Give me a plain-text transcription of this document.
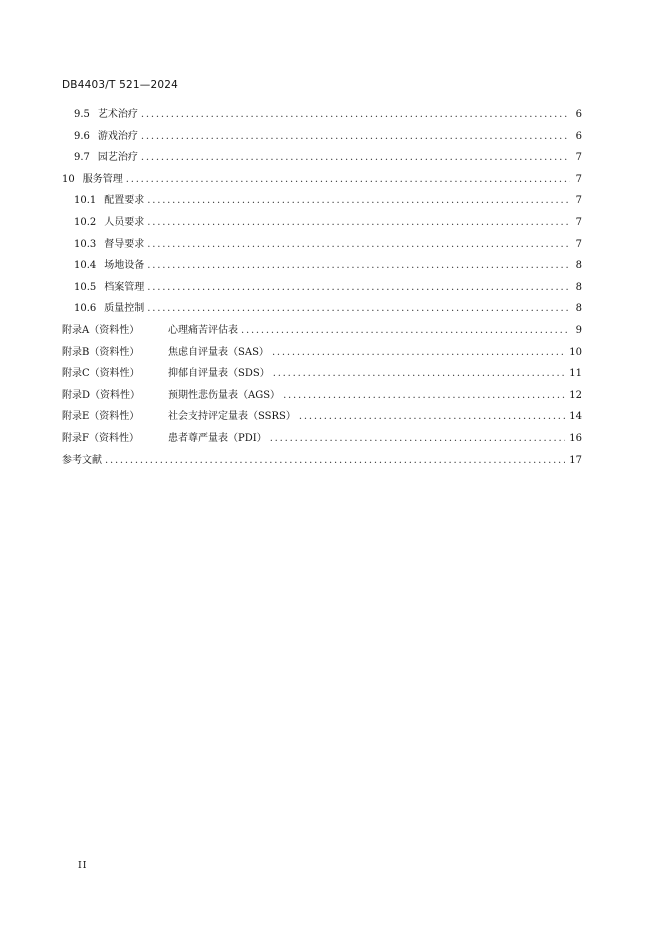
DB4403/T 521—2024
9.5 艺术治疗 .....	6
9.6 游戏治疗 .....	6
9.7 园艺治疗 .....	7
10 服务管理 .....	7
10.1 配置要求 .....	7
10.2 人员要求 .....	7
10.3 督导要求 .....	7
10.4 场地设备 .....	8
10.5 档案管理 .....	8
10.6 质量控制 .....	8
附录A（资料性）	心理痛苦评估表 .....	9
附录B（资料性）	焦虑自评量表（SAS） .....	10
附录C（资料性）	抑郁自评量表（SDS） .....	11
附录D（资料性）	预期性悲伤量表（AGS） .....	12
附录E（资料性）	社会支持评定量表（SSRS） .....	14
附录F（资料性）	患者尊严量表（PDI） .....	16
参考文献 .....	17
II
